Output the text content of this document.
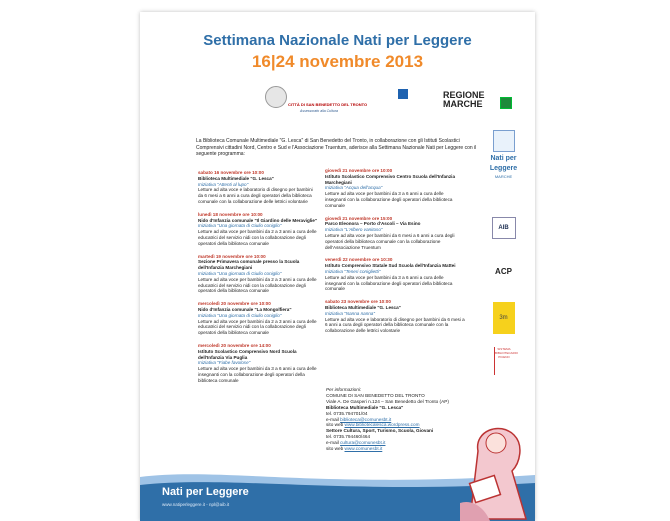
Settimana Nazionale Nati per Leggere
16|24 novembre 2013
CITTÀ DI SAN BENEDETTO DEL TRONTO
Assessorato alla Cultura
REGIONE
MARCHE
La Biblioteca Comunale Multimediale "G. Lesca" di San Benedetto del Tronto, in collaborazione con gli Istituti Scolastici Comprensivi cittadini Nord, Centro e Sud e l'Associazione Truentum, aderisce alla Settimana Nazionale Nati per Leggere con il seguente programma:
sabato 16 novembre ore 10:00
Biblioteca Multimediale "G. Lesca"
Iniziativa "Attenti al lupo"
Letture ad alta voce e laboratorio di disegno per bambini da 6 mesi a 6 anni a cura degli operatori della biblioteca comunale con la collaborazione delle lettrici volontarie
lunedì 18 novembre ore 10:00
Nido d'Infanzia comunale "Il Giardino delle Meraviglie"
Iniziativa "Una giornata di Giulio coniglio"
Letture ad alta voce per bambini da 2 a 3 anni a cura delle educatrici del servizio nidi con la collaborazione degli operatori della biblioteca comunale
martedì 19 novembre ore 10:00
Sezione Primavera comunale presso la Scuola dell'Infanzia Marchegiani
Iniziativa "Una giornata di Giulio coniglio"
Letture ad alta voce per bambini da 2 a 3 anni a cura delle educatrici del servizio nidi con la collaborazione degli operatori della biblioteca comunale
mercoledì 20 novembre ore 10:00
Nido d'Infanzia comunale "La Mongolfiera"
Iniziativa "Una giornata di Giulio coniglio"
Letture ad alta voce per bambini da 2 a 3 anni a cura delle educatrici del servizio nidi con la collaborazione degli operatori della biblioteca comunale
mercoledì 20 novembre ore 14:00
Istituto Scolastico Comprensivo Nord Scuola dell'Infanzia Via Puglia
Iniziativa "Fiabe favolose"
Letture ad alta voce per bambini da 3 a 6 anni a cura delle insegnanti con la collaborazione degli operatori della biblioteca comunale
giovedì 21 novembre ore 10:00
Istituto Scolastico Comprensivo Centro Scuola dell'Infanzia Marchegiani
Iniziativa "Acqua dell'acqua"
Letture ad alta voce per bambini da 3 a 6 anni a cura delle insegnanti con la collaborazione degli operatori della biblioteca comunale
giovedì 21 novembre ore 15:00
Parco Eleonora – Porto d'Ascoli – Via Esino
Iniziativa "L'Albero vanitoso"
Letture ad alta voce per bambini da 6 mesi a 6 anni a cura degli operatori della biblioteca comunale con la collaborazione dell'Associazione Truentum
venerdì 22 novembre ore 10:30
Istituto Comprensivo Statale Sud Scuola dell'Infanzia Mattei
Iniziativa "Teneri coniglietti"
Letture ad alta voce per bambini da 3 a 6 anni a cura delle insegnanti con la collaborazione degli operatori della biblioteca comunale
sabato 23 novembre ore 10:00
Biblioteca Multimediale "G. Lesca"
Iniziativa "Nanna nanna"
Letture ad alta voce e laboratorio di disegno per bambini da 6 mesi a 6 anni a cura degli operatori della biblioteca comunale con la collaborazione delle lettrici volontarie
Per informazioni:
COMUNE DI SAN BENEDETTO DEL TRONTO
Viale A. De Gasperi n.124 – San Benedetto del Tronto (AP)
Biblioteca Multimediale "G. Lesca"
tel. 0735.794701/04
e-mail biblioteca@comunesbt.it
sito web www.bibliotecalesca.wordpress.com
Settore Cultura, Sport, Turismo, Scuola, Giovani
tel. 0735.794460/464
e-mail cultura@comunesbt.it
sito web www.comunesbt.it
Nati per
Leggere
MARCHE
AIB
ACP
3m
SISTEMA BIBLIOTECARIO PICENO
Nati per Leggere
www.natiperleggere.it - npl@aib.it
